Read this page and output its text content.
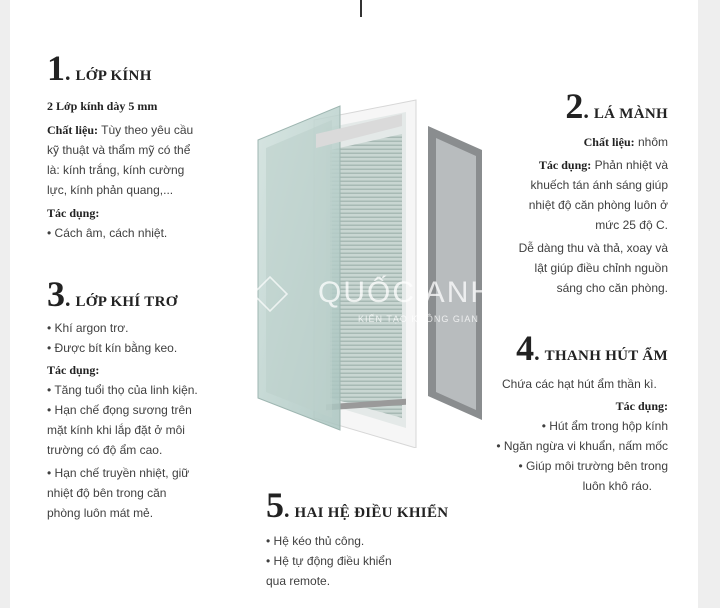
1. LỚP KÍNH
2 Lớp kính dày 5 mm

Chất liệu: Tùy theo yêu cầu

kỹ thuật và thẩm mỹ có thể

là: kính trắng, kính cường

lực, kính phản quang,...

Tác dụng:

• Cách âm, cách nhiệt.

2. LÁ MÀNH

Chất liệu: nhôm

Tác dụng: Phản nhiệt và

khuếch tán ánh sáng giúp

nhiệt độ căn phòng luôn ở

mức 25 độ C.

Dễ dàng thu và thả, xoay và

lật giúp điều chỉnh nguồn

sáng cho căn phòng.

3. LỚP KHÍ TRƠ

• Khí argon trơ.

• Được bít kín bằng keo.

Tác dụng:

• Tăng tuổi thọ của linh kiện.

• Hạn chế đọng sương trên

mặt kính khi lắp đặt ở môi

trường có độ ẩm cao.

• Hạn chế truyền nhiệt, giữ

nhiệt độ bên trong căn

phòng luôn mát mẻ.

4. THANH HÚT ẨM

Chứa các hạt hút ẩm thần kì.

Tác dụng:

• Hút ẩm trong hộp kính

• Ngăn ngừa vi khuẩn, nấm mốc

• Giúp môi trường bên trong

luôn khô ráo.

5. HAI HỆ ĐIỀU KHIỂN

• Hệ kéo thủ công.

• Hệ tự động điều khiển

qua remote.

QUỐC ANH
KIẾN TẠO KHÔNG GIAN
